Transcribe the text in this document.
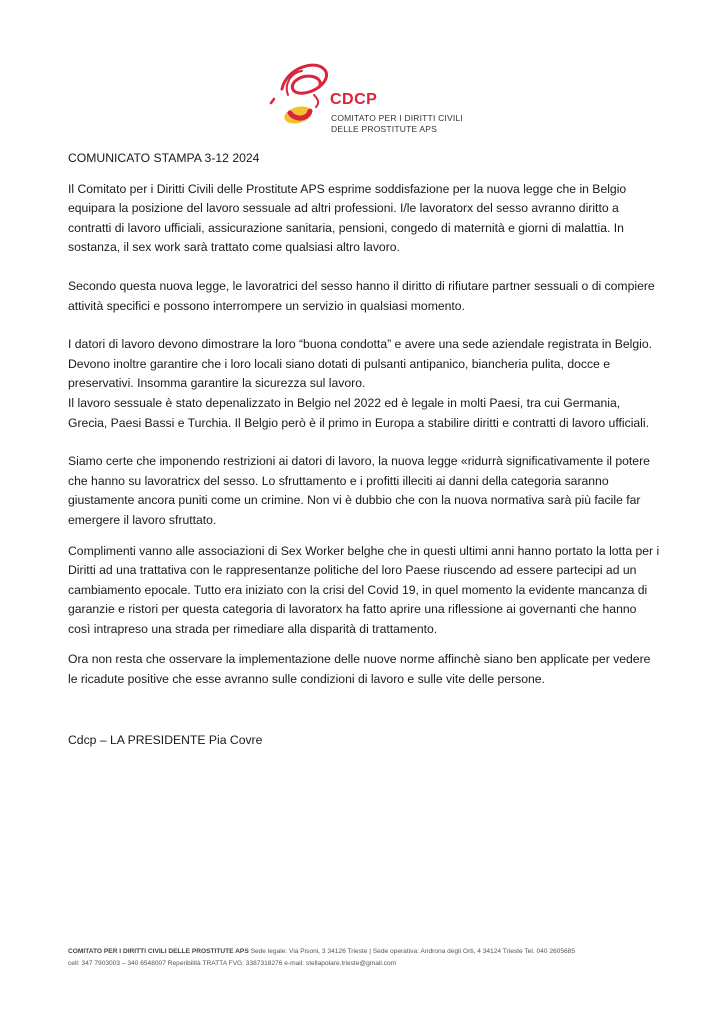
CDCP
COMITATO PER I DIRITTI CIVILI
DELLE PROSTITUTE APS

COMUNICATO STAMPA 3-12 2024

Il Comitato per i Diritti Civili delle Prostitute APS esprime soddisfazione per la nuova legge che in Belgio equipara la posizione del lavoro sessuale ad altri professioni. I/le lavoratorx del sesso avranno diritto a contratti di lavoro ufficiali, assicurazione sanitaria, pensioni, congedo di maternità e giorni di malattia. In sostanza, il sex work sarà trattato come qualsiasi altro lavoro.

Secondo questa nuova legge, le lavoratrici del sesso hanno il diritto di rifiutare partner sessuali o di compiere attività specifici e possono interrompere un servizio in qualsiasi momento.

I datori di lavoro devono dimostrare la loro “buona condotta” e avere una sede aziendale registrata in Belgio. Devono inoltre garantire che i loro locali siano dotati di pulsanti antipanico, biancheria pulita, docce e preservativi. Insomma garantire la sicurezza sul lavoro.

Il lavoro sessuale è stato depenalizzato in Belgio nel 2022 ed è legale in molti Paesi, tra cui Germania, Grecia, Paesi Bassi e Turchia. Il Belgio però è il primo in Europa a stabilire diritti e contratti di lavoro ufficiali.

Siamo certe che imponendo restrizioni ai datori di lavoro, la nuova legge «ridurrà significativamente il potere che hanno su lavoratricx del sesso. Lo sfruttamento e i profitti illeciti ai danni della categoria saranno giustamente ancora puniti come un crimine. Non vi è dubbio che con la nuova normativa sarà più facile far emergere il lavoro sfruttato.

Complimenti vanno alle associazioni di Sex Worker belghe che in questi ultimi anni hanno portato la lotta per i Diritti ad una trattativa con le rappresentanze politiche del loro Paese riuscendo ad essere partecipi ad un cambiamento epocale. Tutto era iniziato con la crisi del Covid 19, in quel momento la evidente mancanza di garanzie e ristori per questa categoria di lavoratorx ha fatto aprire una riflessione ai governanti che hanno così intrapreso una strada per rimediare alla disparità di trattamento.

Ora non resta che osservare la implementazione delle nuove norme affinchè siano ben applicate per vedere le ricadute positive che esse avranno sulle condizioni di lavoro e sulle vite delle persone.

Cdcp – LA PRESIDENTE Pia Covre

COMITATO PER I DIRITTI CIVILI DELLE PROSTITUTE APS Sede legale: Via Pisoni, 3 34126 Trieste | Sede operativa: Androna degli Orti, 4 34124 Trieste Tel. 040 2605685
cell: 347 7903003 – 340 6548007 Reperibilità TRATTA FVG: 3387318276 e-mail: stellapolare.trieste@gmail.com
